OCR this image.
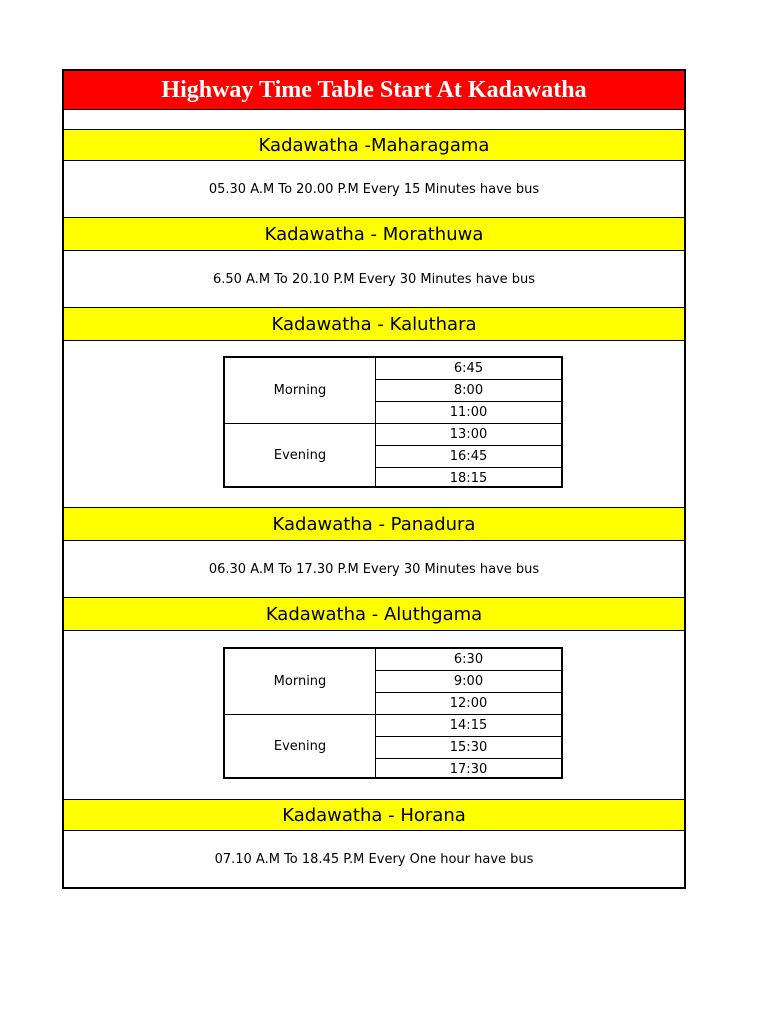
Highway Time Table Start At Kadawatha
Kadawatha -Maharagama
05.30 A.M To 20.00 P.M Every 15 Minutes have bus
Kadawatha - Morathuwa
6.50 A.M To 20.10 P.M Every 30 Minutes have bus
Kadawatha - Kaluthara
Morning
Evening
6:45
8:00
11:00
13:00
16:45
18:15
Kadawatha - Panadura
06.30 A.M To 17.30 P.M Every 30 Minutes have bus
Kadawatha - Aluthgama
Morning
Evening
6:30
9:00
12:00
14:15
15:30
17:30
Kadawatha - Horana
07.10 A.M To 18.45 P.M Every One hour have bus
